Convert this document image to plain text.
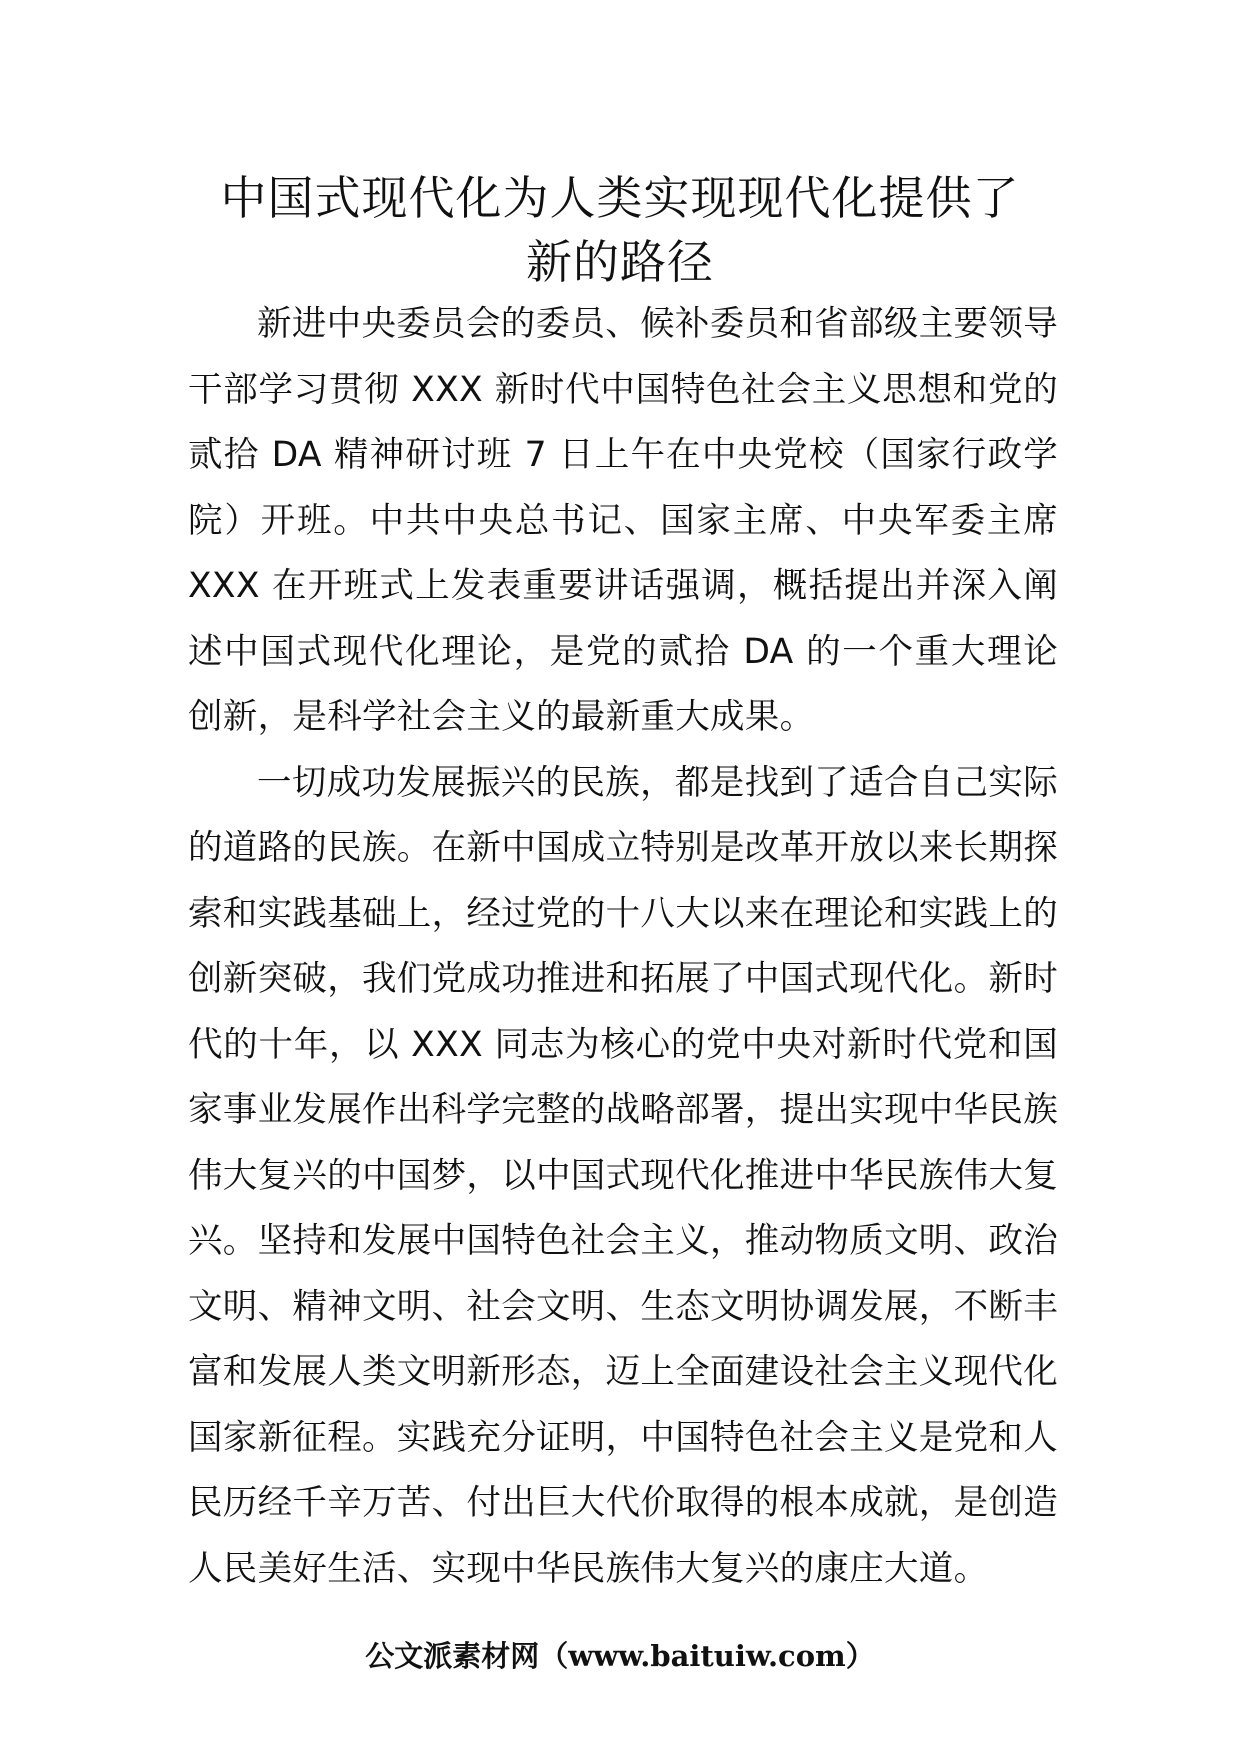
中国式现代化为人类实现现代化提供了
新的路径

新进中央委员会的委员、候补委员和省部级主要领导干部学习贯彻 XXX 新时代中国特色社会主义思想和党的贰拾 DA 精神研讨班 7 日上午在中央党校（国家行政学院）开班。中共中央总书记、国家主席、中央军委主席 XXX 在开班式上发表重要讲话强调，概括提出并深入阐述中国式现代化理论，是党的贰拾 DA 的一个重大理论创新，是科学社会主义的最新重大成果。

一切成功发展振兴的民族，都是找到了适合自己实际的道路的民族。在新中国成立特别是改革开放以来长期探索和实践基础上，经过党的十八大以来在理论和实践上的创新突破，我们党成功推进和拓展了中国式现代化。新时代的十年，以 XXX 同志为核心的党中央对新时代党和国家事业发展作出科学完整的战略部署，提出实现中华民族伟大复兴的中国梦，以中国式现代化推进中华民族伟大复兴。坚持和发展中国特色社会主义，推动物质文明、政治文明、精神文明、社会文明、生态文明协调发展，不断丰富和发展人类文明新形态，迈上全面建设社会主义现代化国家新征程。实践充分证明，中国特色社会主义是党和人民历经千辛万苦、付出巨大代价取得的根本成就，是创造人民美好生活、实现中华民族伟大复兴的康庄大道。

公文派素材网（www.baituiw.com）
